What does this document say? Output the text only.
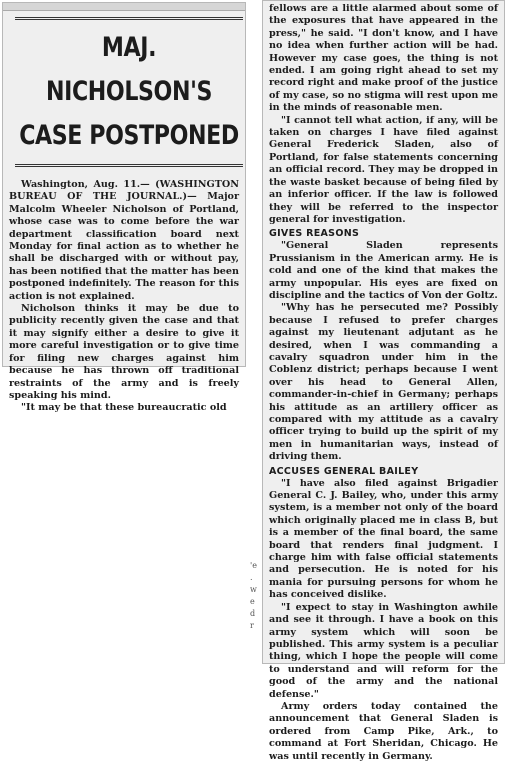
MAJ. NICHOLSON'S CASE POSTPONED

Washington, Aug. 11.— (WASHINGTON BUREAU OF THE JOURNAL.)— Major Malcolm Wheeler Nicholson of Portland, whose case was to come before the war department classification board next Monday for final action as to whether he shall be discharged with or without pay, has been notified that the matter has been postponed indefinitely. The reason for this action is not explained.

Nicholson thinks it may be due to publicity recently given the case and that it may signify either a desire to give it more careful investigation or to give time for filing new charges against him because he has thrown off traditional restraints of the army and is freely speaking his mind.

"It may be that these bureaucratic old

'e
.
w
e
d
r

fellows are a little alarmed about some of the exposures that have appeared in the press," he said. "I don't know, and I have no idea when further action will be had. However my case goes, the thing is not ended. I am going right ahead to set my record right and make proof of the justice of my case, so no stigma will rest upon me in the minds of reasonable men.

"I cannot tell what action, if any, will be taken on charges I have filed against General Frederick Sladen, also of Portland, for false statements concerning an official record. They may be dropped in the waste basket because of being filed by an inferior officer. If the law is followed they will be referred to the inspector general for investigation.

GIVES REASONS

"General Sladen represents Prussianism in the American army. He is cold and one of the kind that makes the army unpopular. His eyes are fixed on discipline and the tactics of Von der Goltz.

"Why has he persecuted me? Possibly because I refused to prefer charges against my lieutenant adjutant as he desired, when I was commanding a cavalry squadron under him in the Coblenz district; perhaps because I went over his head to General Allen, commander-in-chief in Germany; perhaps his attitude as an artillery officer as compared with my attitude as a cavalry officer trying to build up the spirit of my men in humanitarian ways, instead of driving them.

ACCUSES GENERAL BAILEY

"I have also filed against Brigadier General C. J. Bailey, who, under this army system, is a member not only of the board which originally placed me in class B, but is a member of the final board, the same board that renders final judgment. I charge him with false official statements and persecution. He is noted for his mania for pursuing persons for whom he has conceived dislike.

"I expect to stay in Washington awhile and see it through. I have a book on this army system which will soon be published. This army system is a peculiar thing, which I hope the people will come to understand and will reform for the good of the army and the national defense."

Army orders today contained the announcement that General Sladen is ordered from Camp Pike, Ark., to command at Fort Sheridan, Chicago. He was until recently in Germany.
